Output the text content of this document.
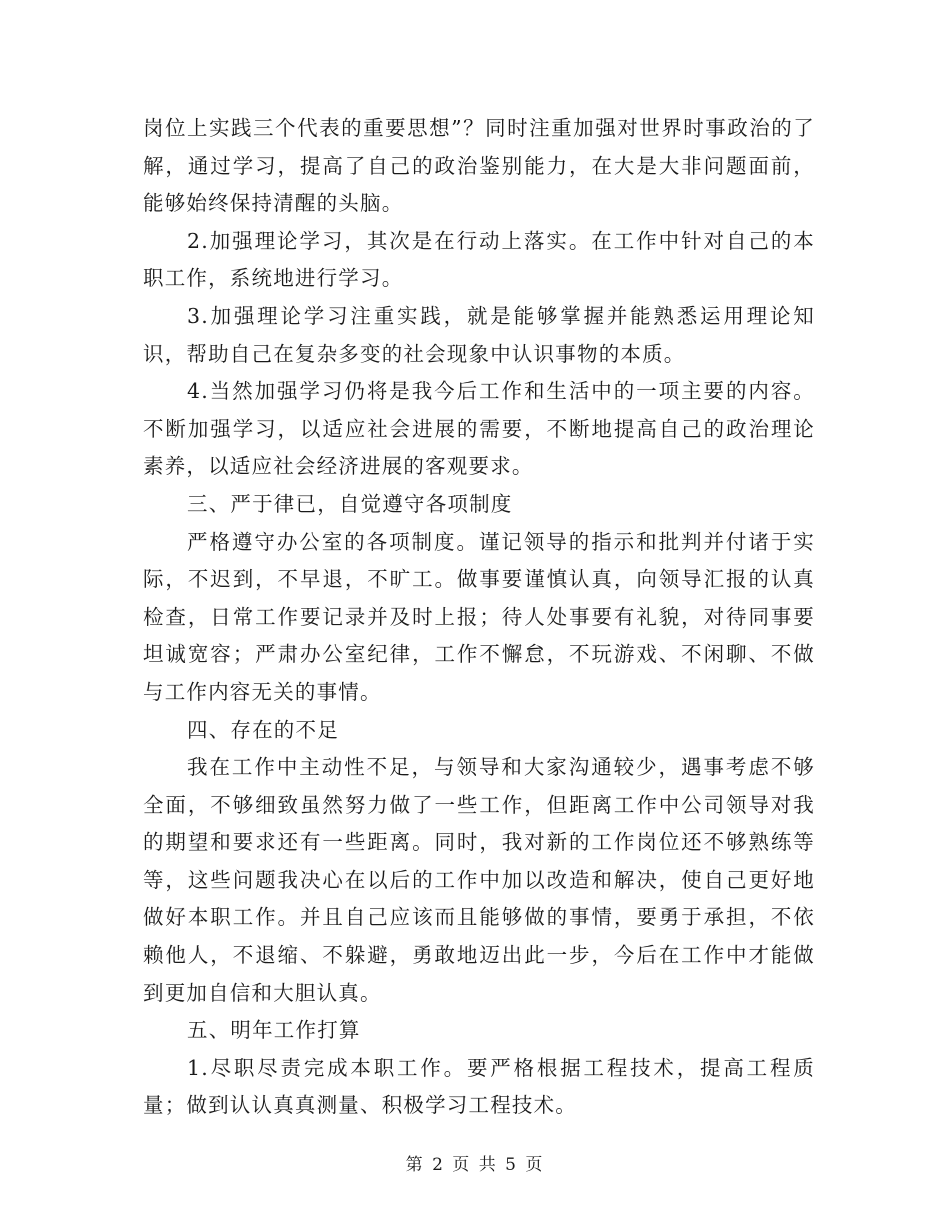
岗位上实践三个代表的重要思想”？同时注重加强对世界时事政治的了解，通过学习，提高了自己的政治鉴别能力，在大是大非问题面前，能够始终保持清醒的头脑。

2.加强理论学习，其次是在行动上落实。在工作中针对自己的本职工作，系统地进行学习。

3.加强理论学习注重实践，就是能够掌握并能熟悉运用理论知识，帮助自己在复杂多变的社会现象中认识事物的本质。

4.当然加强学习仍将是我今后工作和生活中的一项主要的内容。不断加强学习，以适应社会进展的需要，不断地提高自己的政治理论素养，以适应社会经济进展的客观要求。

三、严于律已，自觉遵守各项制度

严格遵守办公室的各项制度。谨记领导的指示和批判并付诸于实际，不迟到，不早退，不旷工。做事要谨慎认真，向领导汇报的认真检查，日常工作要记录并及时上报；待人处事要有礼貌，对待同事要坦诚宽容；严肃办公室纪律，工作不懈怠，不玩游戏、不闲聊、不做与工作内容无关的事情。

四、存在的不足

我在工作中主动性不足，与领导和大家沟通较少，遇事考虑不够全面，不够细致虽然努力做了一些工作，但距离工作中公司领导对我的期望和要求还有一些距离。同时，我对新的工作岗位还不够熟练等等，这些问题我决心在以后的工作中加以改造和解决，使自己更好地做好本职工作。并且自己应该而且能够做的事情，要勇于承担，不依赖他人，不退缩、不躲避，勇敢地迈出此一步，今后在工作中才能做到更加自信和大胆认真。

五、明年工作打算

1.尽职尽责完成本职工作。要严格根据工程技术，提高工程质量；做到认认真真测量、积极学习工程技术。

第 2 页 共 5 页
